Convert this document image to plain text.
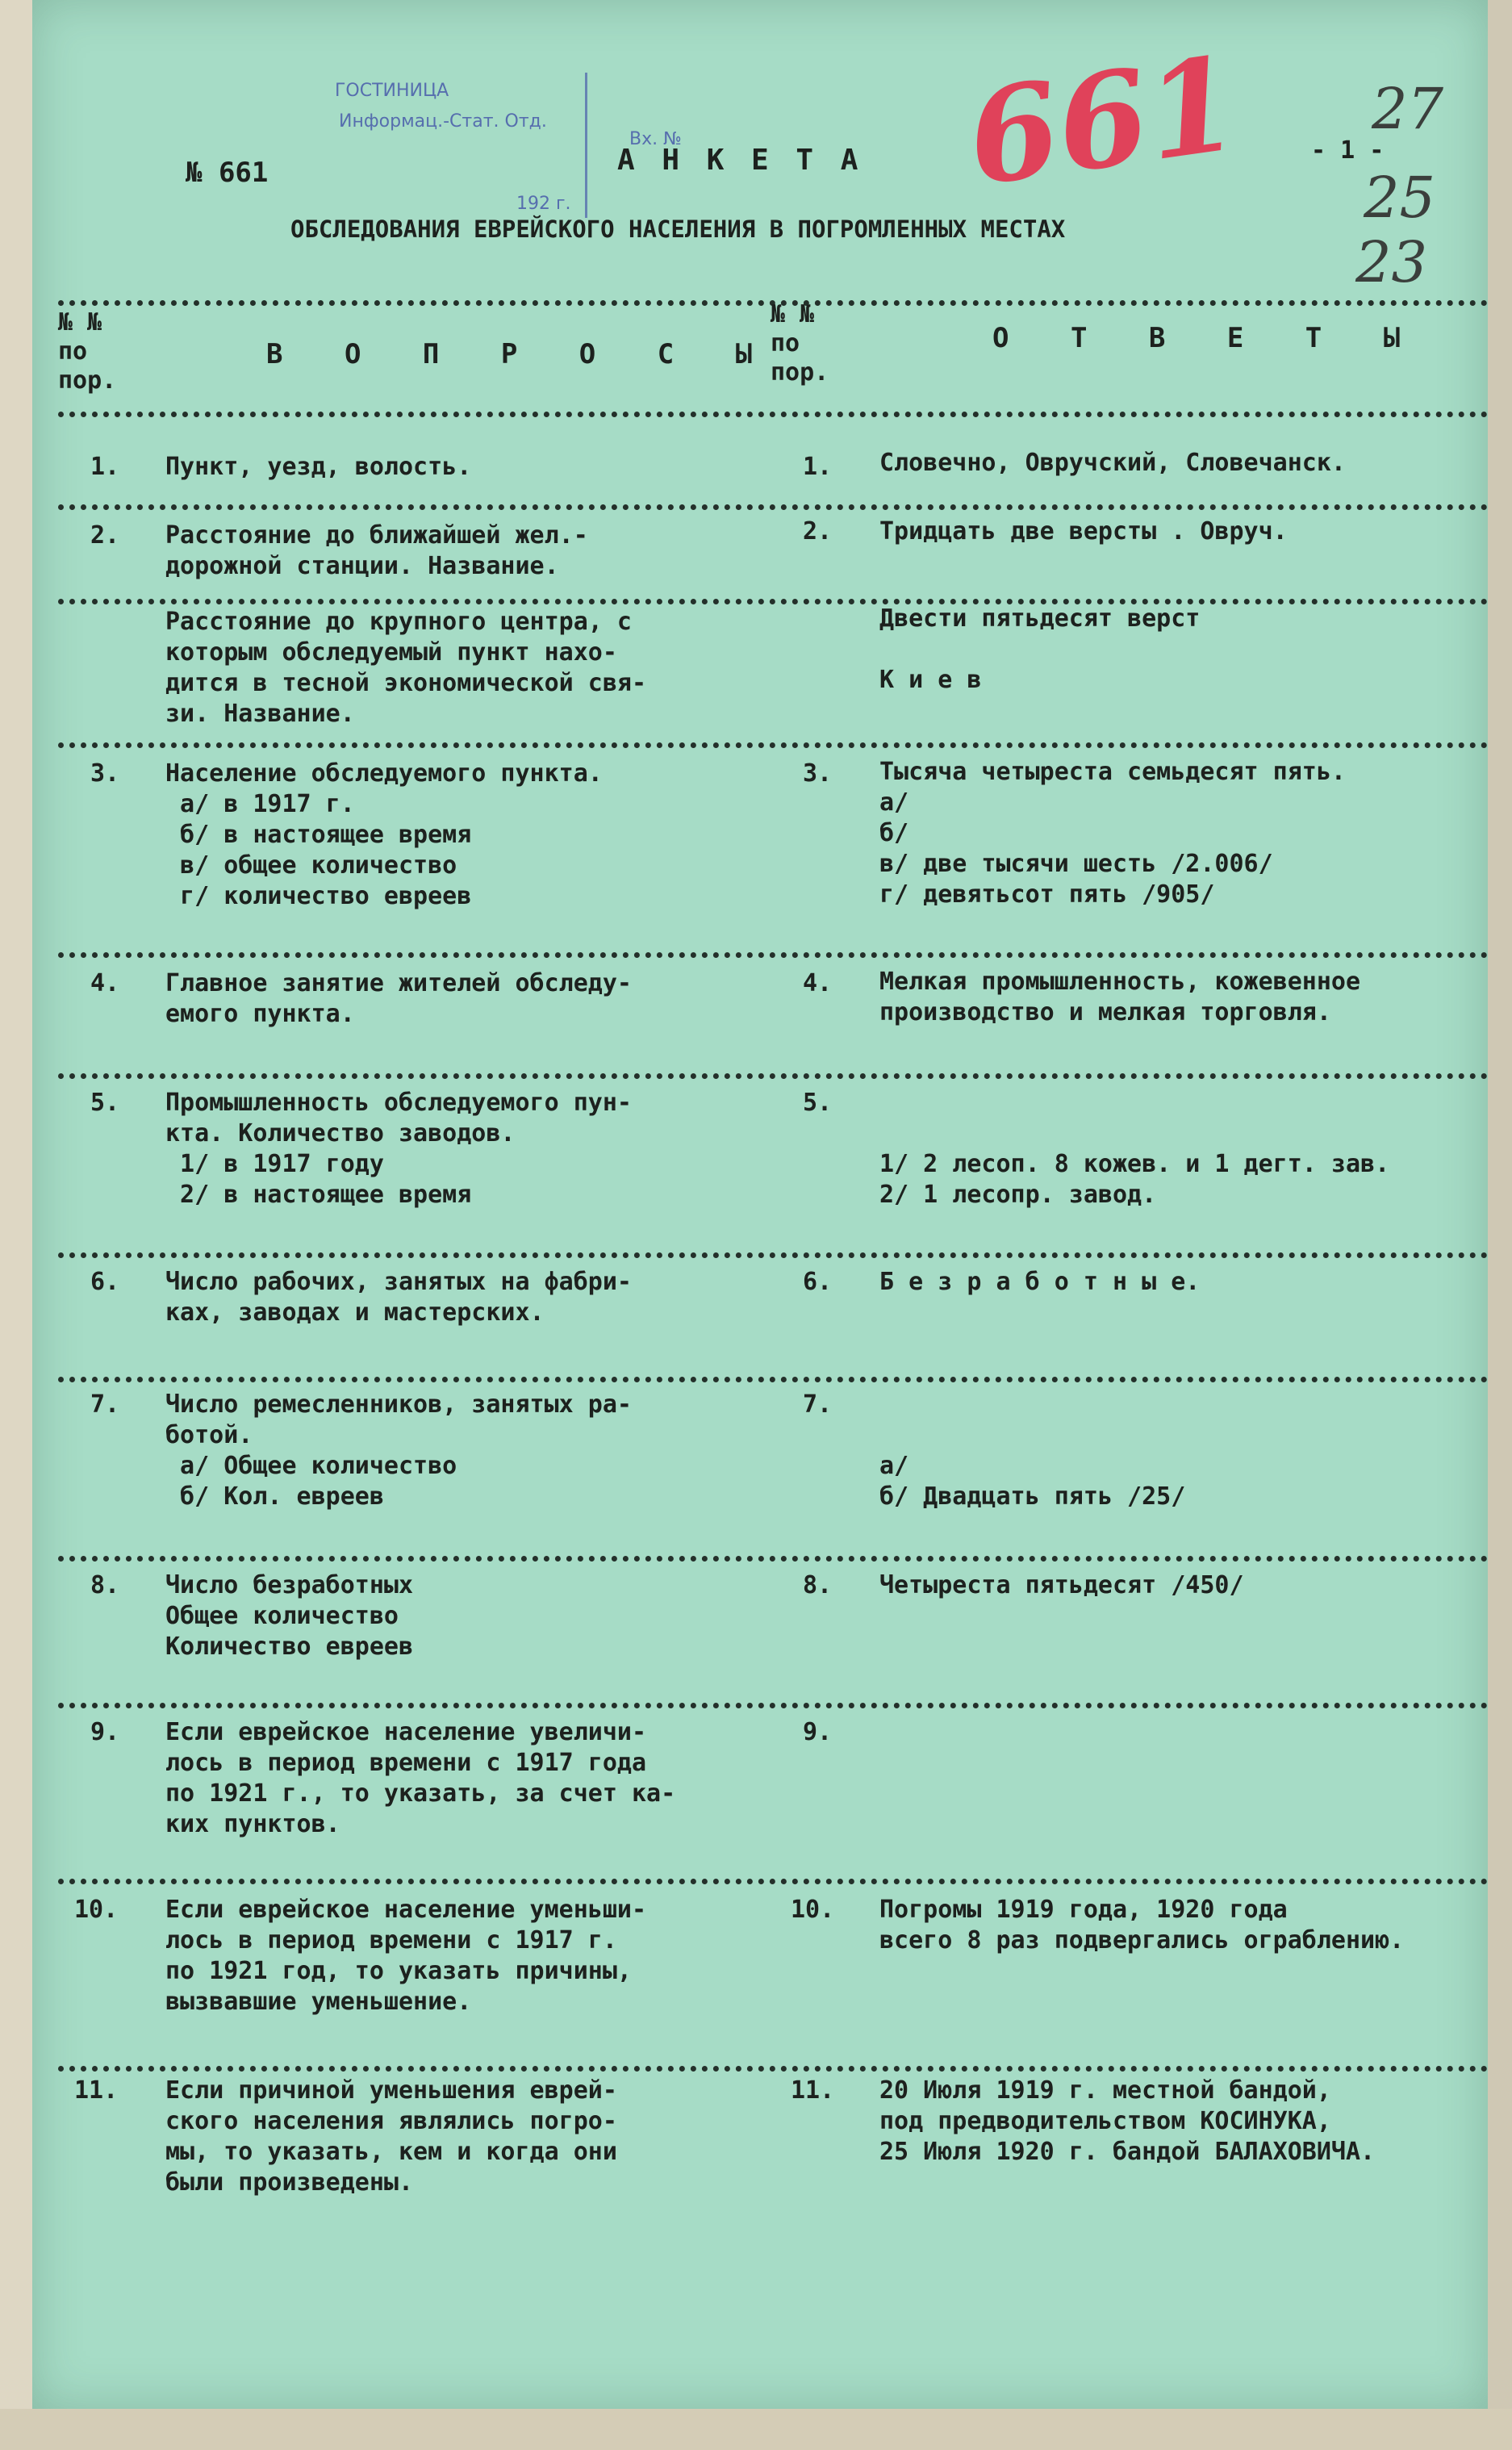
ГОСТИНИЦА
Информац.-Стат. Отд.
192 г.
Вх. №
№ 661	А Н К Е Т А
ОБСЛЕДОВАНИЯ ЕВРЕЙСКОГО НАСЕЛЕНИЯ В ПОГРОМЛЕННЫХ МЕСТАХ
- 1 -
661 27
25
23
№ №
по
пор.
В О П Р О С Ы
№ №
по
пор.
О Т В Е Т Ы
1. Пункт, уезд, волость.	1. Словечно, Овручский, Словечанск.
2. Расстояние до ближайшей жел.-
дорожной станции. Название.
2. Тридцать две версты . Овруч.
Расстояние до крупного центра, с
которым обследуемый пункт нахо-
дится в тесной экономической свя-
зи. Название.
Двести пятьдесят верст

К и е в
3. Население обследуемого пункта.
а/ в 1917 г.
б/ в настоящее время
в/ общее количество
г/ количество евреев
3. Тысяча четыреста семьдесят пять.
а/
б/
в/ две тысячи шесть /2.006/
г/ девятьсот пять /905/
4. Главное занятие жителей обследу-
емого пункта.
4. Мелкая промышленность, кожевенное
производство и мелкая торговля.
5. Промышленность обследуемого пун-
кта. Количество заводов.
1/ в 1917 году
2/ в настоящее время
5.

1/ 2 лесоп. 8 кожев. и 1 дегт. зав.
2/ 1 лесопр. завод.
6. Число рабочих, занятых на фабри-
ках, заводах и мастерских.
6. Б е з р а б о т н ы е.
7. Число ремесленников, занятых ра-
ботой.
а/ Общее количество
б/ Кол. евреев
7.

а/
б/ Двадцать пять /25/
8. Число безработных
Общее количество
Количество евреев
8. Четыреста пятьдесят /450/
9. Если еврейское население увеличи-
лось в период времени с 1917 года
по 1921 г., то указать, за счет ка-
ких пунктов.
9.
10. Если еврейское население уменьши-
лось в период времени с 1917 г.
по 1921 год, то указать причины,
вызвавшие уменьшение.
10. Погромы 1919 года, 1920 года
всего 8 раз подвергались ограблению.
11. Если причиной уменьшения еврей-
ского населения являлись погро-
мы, то указать, кем и когда они
были произведены.
11. 20 Июля 1919 г. местной бандой,
под предводительством КОСИНУКА,
25 Июля 1920 г. бандой БАЛАХОВИЧА.
